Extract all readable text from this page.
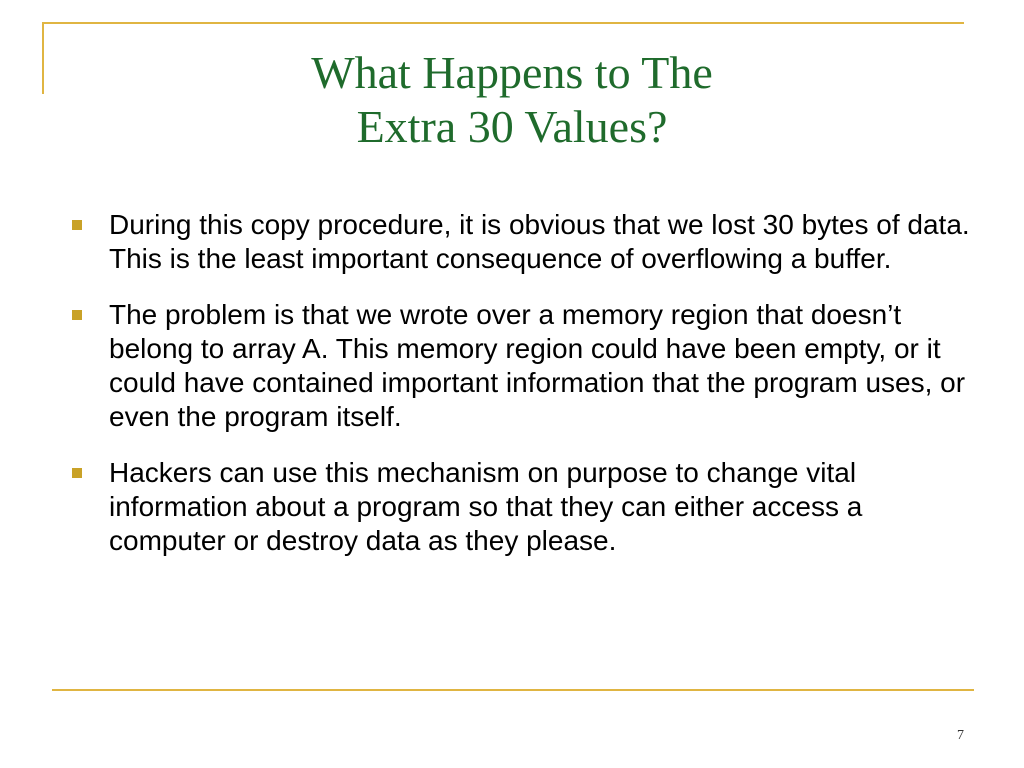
What Happens to The
Extra 30 Values?
During this copy procedure, it is obvious that we lost 30 bytes of data. This is the least important consequence of overflowing a buffer.
The problem is that we wrote over a memory region that doesn’t belong to array A. This memory region could have been empty, or it could have contained important information that the program uses, or even the program itself.
Hackers can use this mechanism on purpose to change vital information about a program so that they can either access a computer or destroy data as they please.
7
